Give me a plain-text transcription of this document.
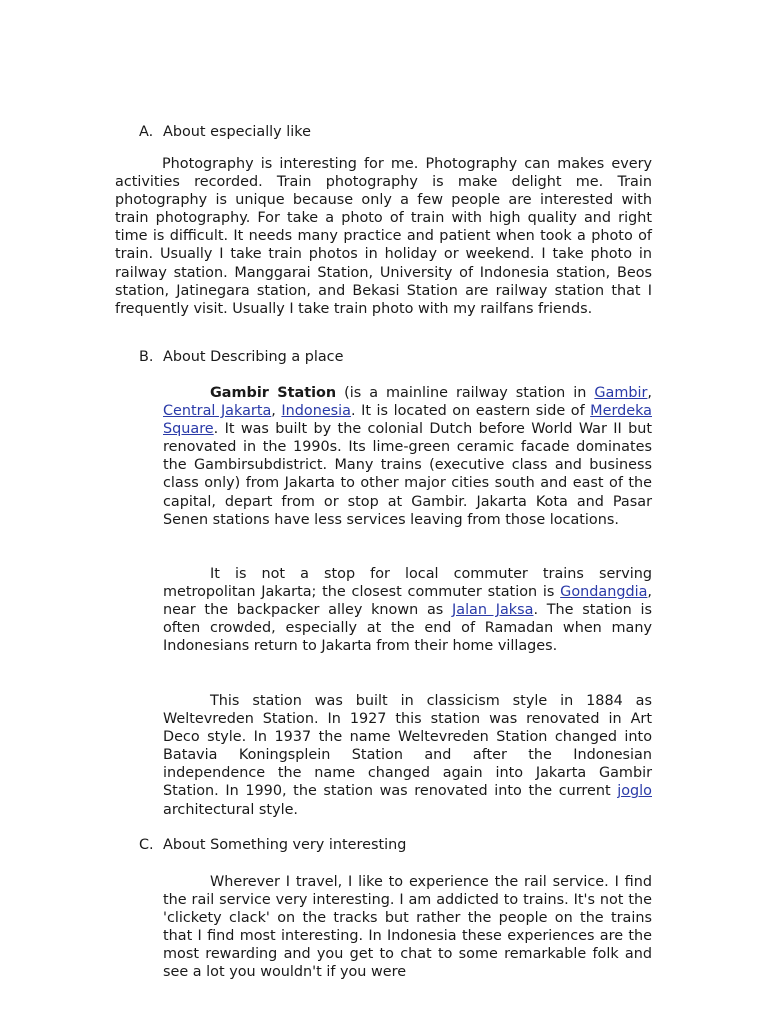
A. About especially like

Photography is interesting for me. Photography can makes every activities recorded. Train photography is make delight me. Train photography is unique because only a few people are interested with train photography. For take a photo of train with high quality and right time is difficult. It needs many practice and patient when took a photo of train. Usually I take train photos in holiday or weekend. I take photo in railway station. Manggarai Station, University of Indonesia station, Beos station, Jatinegara station, and Bekasi Station are railway station that I frequently visit. Usually I take train photo with my railfans friends.

B. About Describing a place

Gambir Station (is a mainline railway station in Gambir, Central Jakarta, Indonesia. It is located on eastern side of Merdeka Square. It was built by the colonial Dutch before World War II but renovated in the 1990s. Its lime-green ceramic facade dominates the Gambirsubdistrict. Many trains (executive class and business class only) from Jakarta to other major cities south and east of the capital, depart from or stop at Gambir. Jakarta Kota and Pasar Senen stations have less services leaving from those locations.

It is not a stop for local commuter trains serving metropolitan Jakarta; the closest commuter station is Gondangdia, near the backpacker alley known as Jalan Jaksa. The station is often crowded, especially at the end of Ramadan when many Indonesians return to Jakarta from their home villages.

This station was built in classicism style in 1884 as Weltevreden Station. In 1927 this station was renovated in Art Deco style. In 1937 the name Weltevreden Station changed into Batavia Koningsplein Station and after the Indonesian independence the name changed again into Jakarta Gambir Station. In 1990, the station was renovated into the current joglo architectural style.

C. About Something very interesting

Wherever I travel, I like to experience the rail service. I find the rail service very interesting. I am addicted to trains. It's not the 'clickety clack' on the tracks but rather the people on the trains that I find most interesting. In Indonesia these experiences are the most rewarding and you get to chat to some remarkable folk and see a lot you wouldn't if you were
